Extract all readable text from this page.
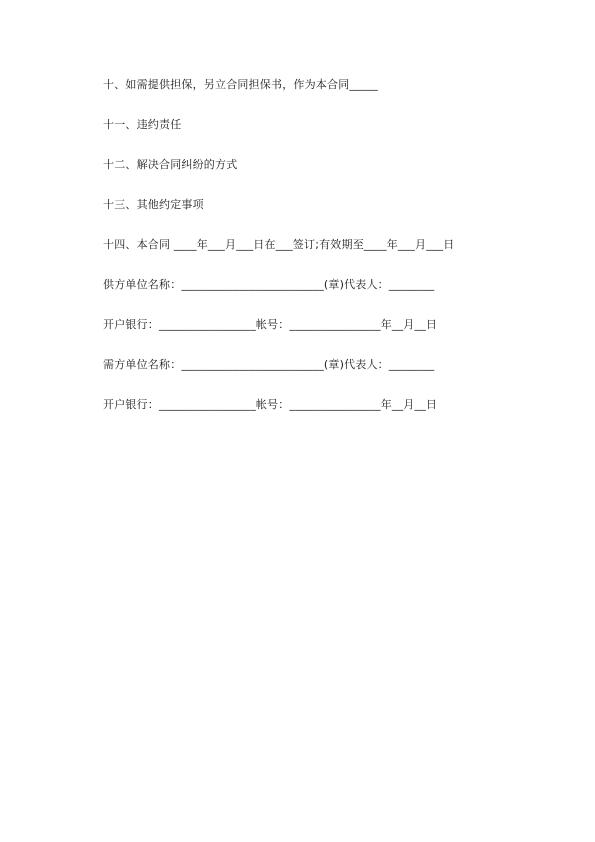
十、如需提供担保，另立合同担保书，作为本合同_____
十一、违约责任
十二、解决合同纠纷的方式
十三、其他约定事项
十四、本合同 ____年___月___日在___签订;有效期至____年___月___日
供方单位名称：_________________________(章)代表人：________
开户银行：_________________帐号：________________年__月__日
需方单位名称：_________________________(章)代表人：________
开户银行：_________________帐号：________________年__月__日
